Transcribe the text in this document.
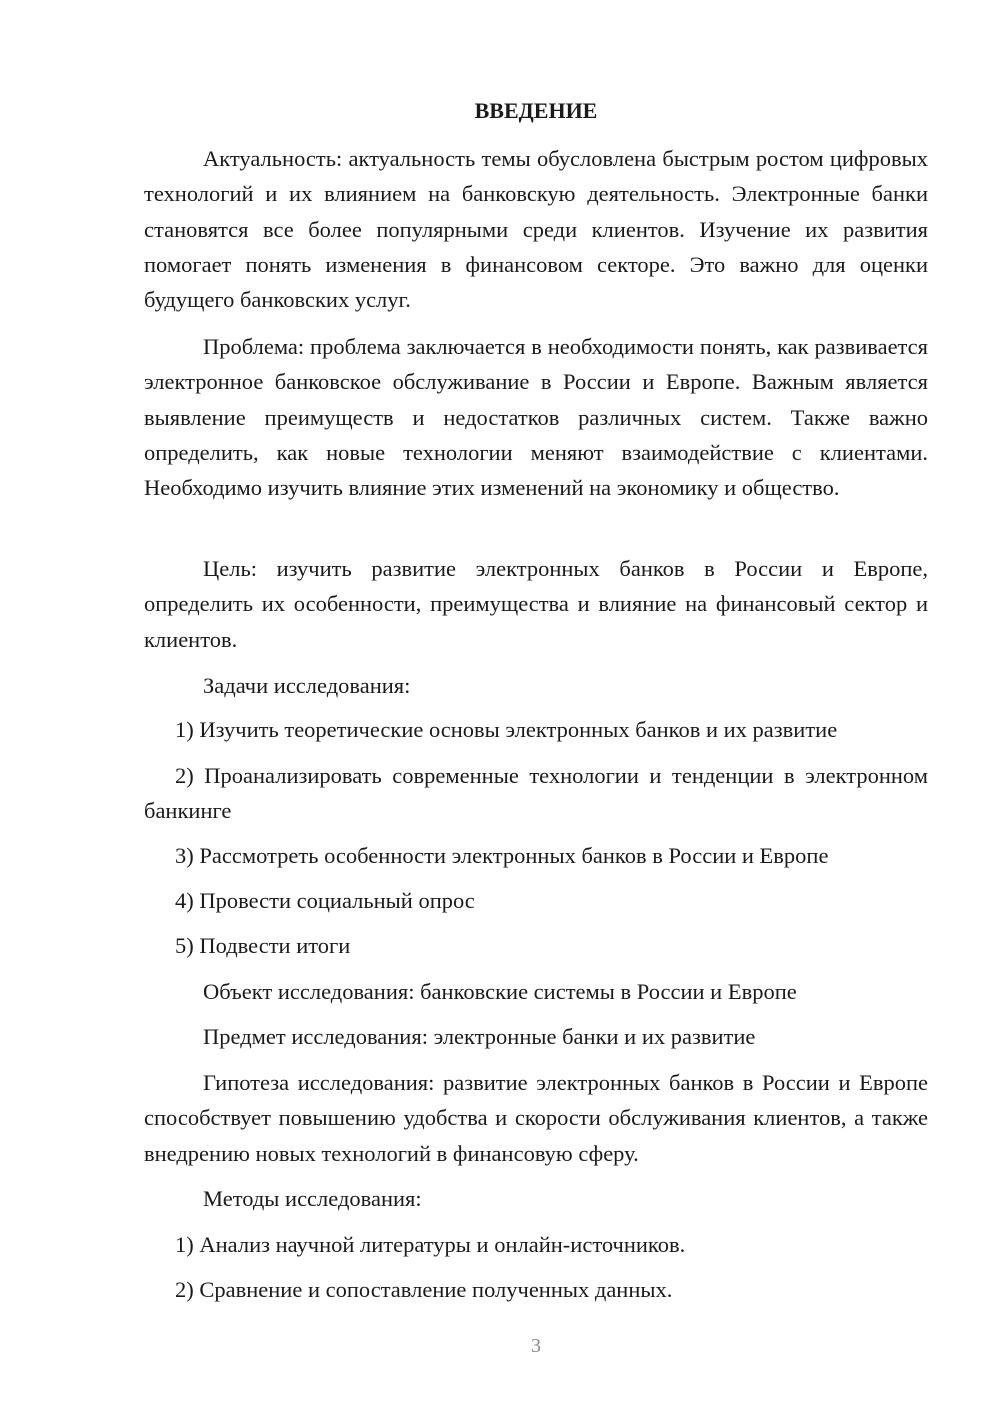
ВВЕДЕНИЕ

Актуальность: актуальность темы обусловлена быстрым ростом цифровых технологий и их влиянием на банковскую деятельность. Электронные банки становятся все более популярными среди клиентов. Изучение их развития помогает понять изменения в финансовом секторе. Это важно для оценки будущего банковских услуг.

Проблема: проблема заключается в необходимости понять, как развивается электронное банковское обслуживание в России и Европе. Важным является выявление преимуществ и недостатков различных систем. Также важно определить, как новые технологии меняют взаимодействие с клиентами. Необходимо изучить влияние этих изменений на экономику и общество.

Цель: изучить развитие электронных банков в России и Европе, определить их особенности, преимущества и влияние на финансовый сектор и клиентов.

Задачи исследования:

1) Изучить теоретические основы электронных банков и их развитие

2) Проанализировать современные технологии и тенденции в электронном банкинге

3) Рассмотреть особенности электронных банков в России и Европе

4) Провести социальный опрос

5) Подвести итоги

Объект исследования: банковские системы в России и Европе

Предмет исследования: электронные банки и их развитие

Гипотеза исследования: развитие электронных банков в России и Европе способствует повышению удобства и скорости обслуживания клиентов, а также внедрению новых технологий в финансовую сферу.

Методы исследования:

1) Анализ научной литературы и онлайн-источников.

2) Сравнение и сопоставление полученных данных.

3
